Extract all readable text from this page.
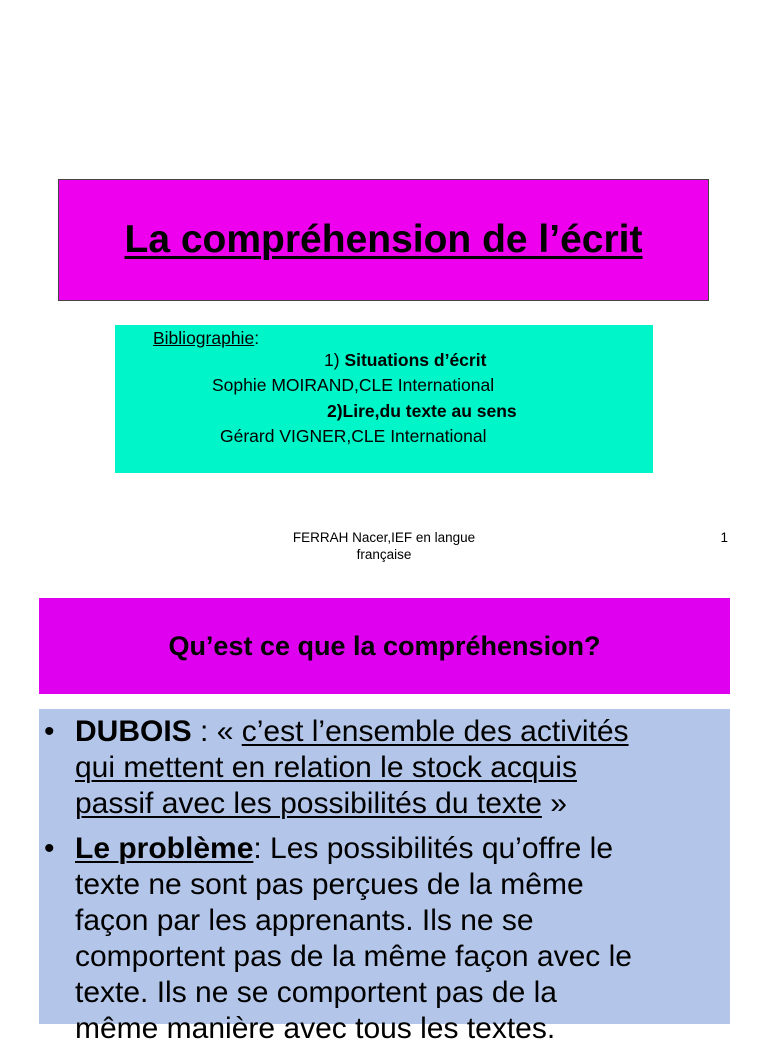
La compréhension de l’écrit
Bibliographie:
1) Situations d’écrit
Sophie MOIRAND,CLE International
2)Lire,du texte au sens
Gérard VIGNER,CLE International
FERRAH Nacer,IEF en langue
française
1
Qu’est ce que la compréhension?
• DUBOIS : « c’est l’ensemble des activités
qui mettent en relation le stock acquis
passif avec les possibilités du texte »
• Le problème: Les possibilités qu’offre le
texte ne sont pas perçues de la même
façon par les apprenants. Ils ne se
comportent pas de la même façon avec le
texte. Ils ne se comportent pas de la
même manière avec tous les textes.
